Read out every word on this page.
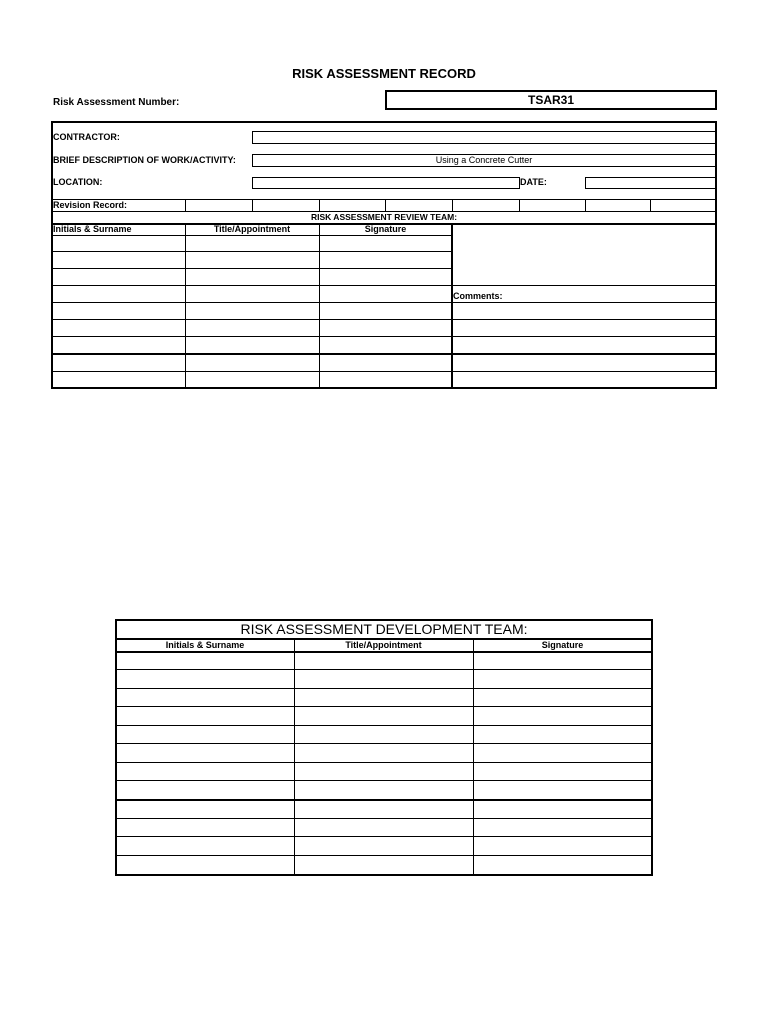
RISK ASSESSMENT RECORD
Risk Assessment Number:	TSAR31
CONTRACTOR:
BRIEF DESCRIPTION OF WORK/ACTIVITY:	Using a Concrete Cutter
LOCATION:	DATE:
Revision Record:
RISK ASSESSMENT REVIEW TEAM:
Initials & Surname	Title/Appointment	Signature
Comments:
RISK ASSESSMENT DEVELOPMENT TEAM:
Initials & Surname	Title/Appointment	Signature
